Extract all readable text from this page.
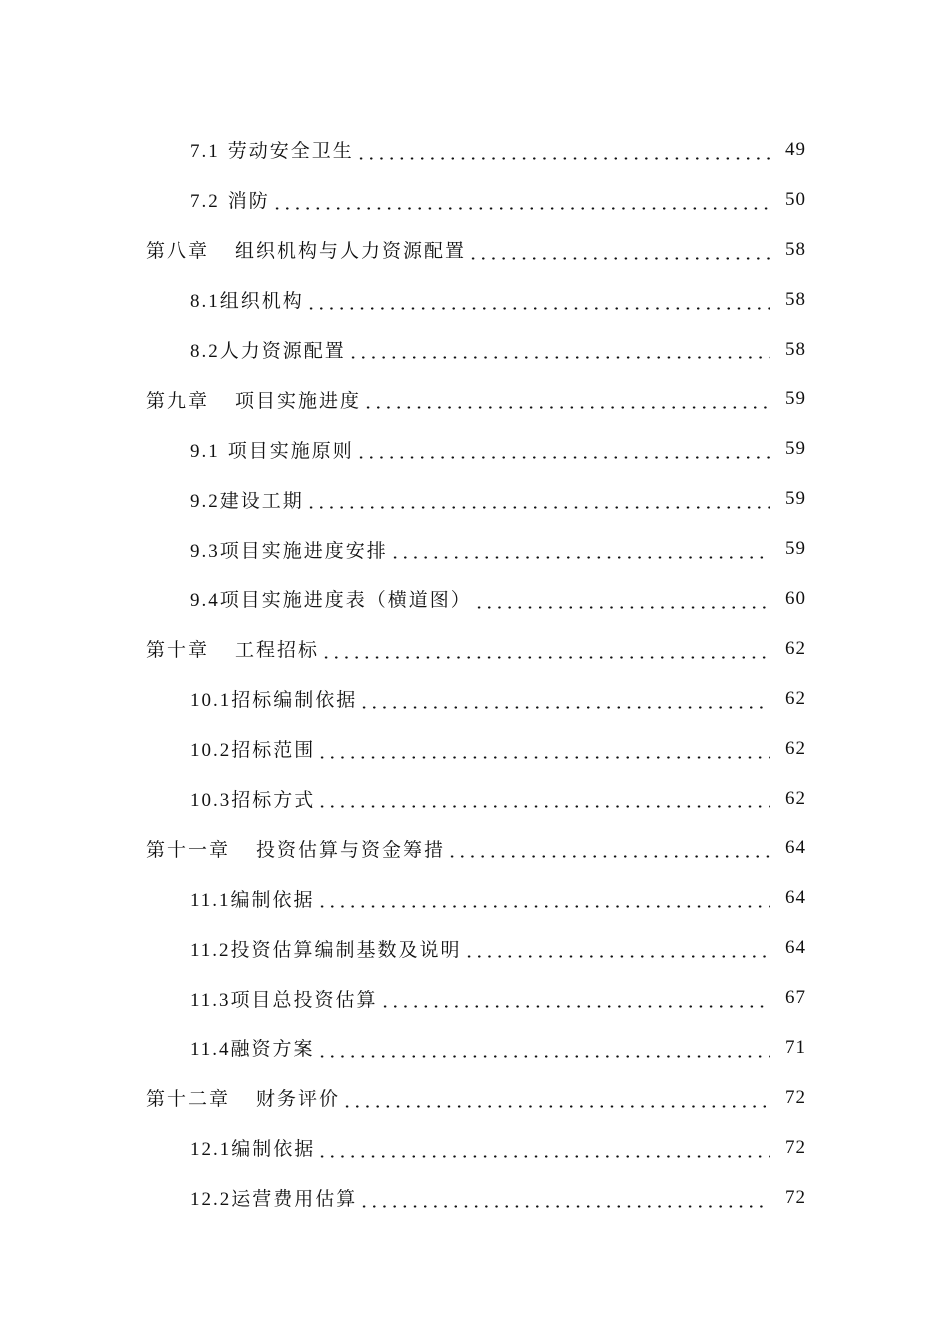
7.1 劳动安全卫生	49
7.2 消防	50
第八章 组织机构与人力资源配置	58
8.1组织机构	58
8.2人力资源配置	58
第九章 项目实施进度	59
9.1 项目实施原则	59
9.2建设工期	59
9.3项目实施进度安排	59
9.4项目实施进度表（横道图）	60
第十章 工程招标	62
10.1招标编制依据	62
10.2招标范围	62
10.3招标方式	62
第十一章 投资估算与资金筹措	64
11.1编制依据	64
11.2投资估算编制基数及说明	64
11.3项目总投资估算	67
11.4融资方案	71
第十二章 财务评价	72
12.1编制依据	72
12.2运营费用估算	72
